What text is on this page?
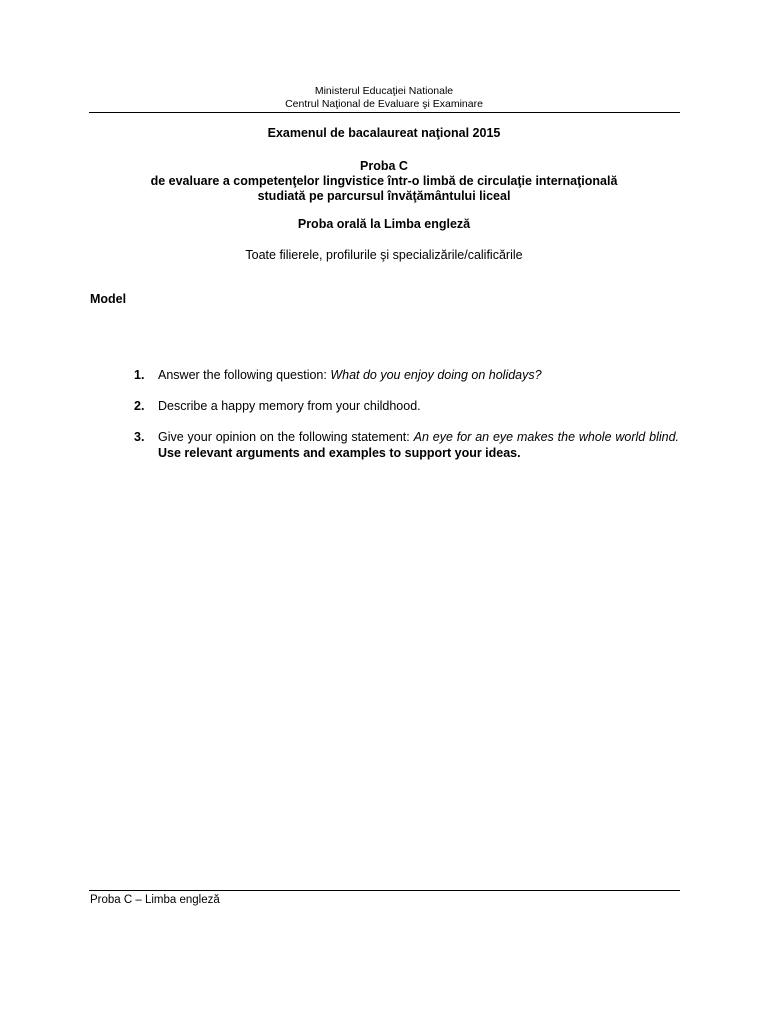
Ministerul Educaţiei Nationale
Centrul Naţional de Evaluare şi Examinare
Examenul de bacalaureat naţional 2015
Proba C
de evaluare a competenţelor lingvistice într-o limbă de circulaţie internaţională
studiată pe parcursul învăţământului liceal
Proba orală la Limba engleză
Toate filierele, profilurile şi specializările/calificările
Model
1.	Answer the following question: What do you enjoy doing on holidays?
2.	Describe a happy memory from your childhood.
3.	Give your opinion on the following statement: An eye for an eye makes the whole world blind. Use relevant arguments and examples to support your ideas.
Proba C – Limba engleză
